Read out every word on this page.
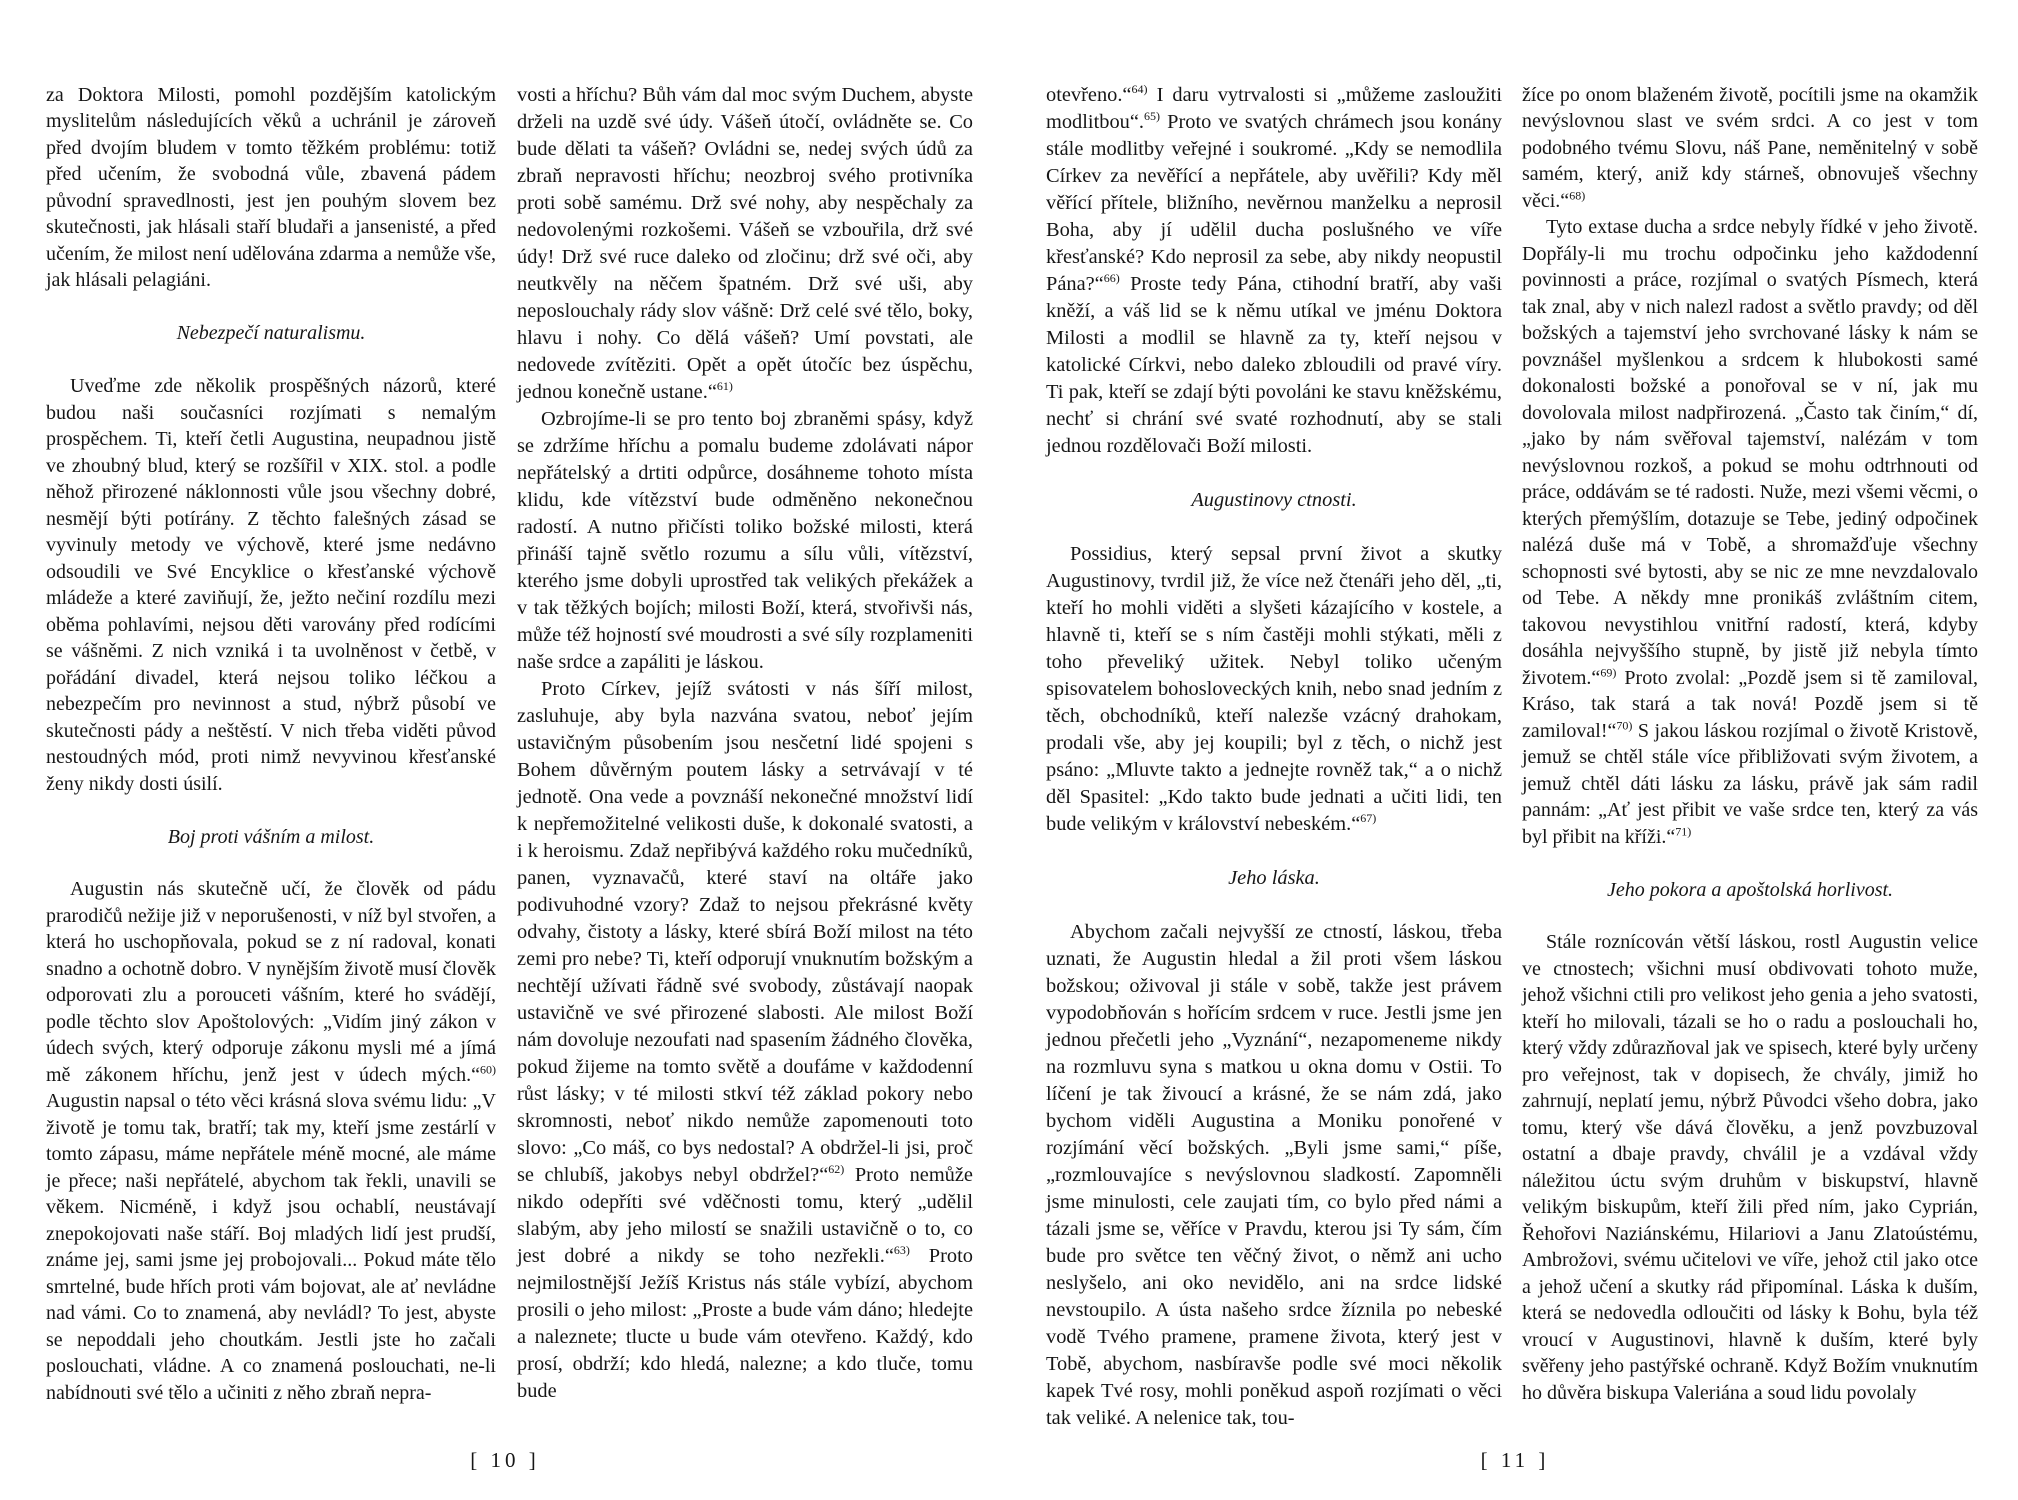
za Doktora Milosti, pomohl pozdějším katolickým myslitelům následujících věků a uchránil je zároveň před dvojím bludem v tomto těžkém problému: totiž před učením, že svobodná vůle, zbavená pádem původní spravedlnosti, jest jen pouhým slovem bez skutečnosti, jak hlásali staří bludaři a jansenisté, a před učením, že milost není udělována zdarma a nemůže vše, jak hlásali pelagiáni.

Nebezpečí naturalismu.

Uveďme zde několik prospěšných názorů, které budou naši současníci rozjímati s nemalým prospěchem. Ti, kteří četli Augustina, neupadnou jistě ve zhoubný blud, který se rozšířil v XIX. stol. a podle něhož přirozené náklonnosti vůle jsou všechny dobré, nesmějí býti potírány. Z těchto falešných zásad se vyvinuly metody ve výchově, které jsme nedávno odsoudili ve Své Encyklice o křesťanské výchově mládeže a které zaviňují, že, ježto nečiní rozdílu mezi oběma pohlavími, nejsou děti varovány před rodícími se vášněmi. Z nich vzniká i ta uvolněnost v četbě, v pořádání divadel, která nejsou toliko léčkou a nebezpečím pro nevinnost a stud, nýbrž působí ve skutečnosti pády a neštěstí. V nich třeba viděti původ nestoudných mód, proti nimž nevyvinou křesťanské ženy nikdy dosti úsilí.

Boj proti vášním a milost.

Augustin nás skutečně učí, že člověk od pádu prarodičů nežije již v neporušenosti, v níž byl stvořen, a která ho uschopňovala, pokud se z ní radoval, konati snadno a ochotně dobro. V nynějším životě musí člověk odporovati zlu a porouceti vášním, které ho svádějí, podle těchto slov Apoštolových: „Vidím jiný zákon v údech svých, který odporuje zákonu mysli mé a jímá mě zákonem hříchu, jenž jest v údech mých.“$^{60)}$ Augustin napsal o této věci krásná slova svému lidu: „V životě je tomu tak, bratří; tak my, kteří jsme zestárlí v tomto zápasu, máme nepřátele méně mocné, ale máme je přece; naši nepřátelé, abychom tak řekli, unavili se věkem. Nicméně, i když jsou ochablí, neustávají znepokojovati naše stáří. Boj mladých lidí jest prudší, známe jej, sami jsme jej probojovali... Pokud máte tělo smrtelné, bude hřích proti vám bojovat, ale ať nevládne nad vámi. Co to znamená, aby nevládl? To jest, abyste se nepoddali jeho choutkám. Jestli jste ho začali poslouchati, vládne. A co znamená poslouchati, ne-li nabídnouti své tělo a učiniti z něho zbraň nepra-

vosti a hříchu? Bůh vám dal moc svým Duchem, abyste drželi na uzdě své údy. Vášeň útočí, ovládněte se. Co bude dělati ta vášeň? Ovládni se, nedej svých údů za zbraň nepravosti hříchu; neozbroj svého protivníka proti sobě samému. Drž své nohy, aby nespěchaly za nedovolenými rozkošemi. Vášeň se vzbouřila, drž své údy! Drž své ruce daleko od zločinu; drž své oči, aby neutkvěly na něčem špatném. Drž své uši, aby neposlouchaly rády slov vášně: Drž celé své tělo, boky, hlavu i nohy. Co dělá vášeň? Umí povstati, ale nedovede zvítěziti. Opět a opět útočíc bez úspěchu, jednou konečně ustane.“$^{61)}$

Ozbrojíme-li se pro tento boj zbraněmi spásy, když se zdržíme hříchu a pomalu budeme zdolávati nápor nepřátelský a drtiti odpůrce, dosáhneme tohoto místa klidu, kde vítězství bude odměněno nekonečnou radostí. A nutno přičísti toliko božské milosti, která přináší tajně světlo rozumu a sílu vůli, vítězství, kterého jsme dobyli uprostřed tak velikých překážek a v tak těžkých bojích; milosti Boží, která, stvořivši nás, může též hojností své moudrosti a své síly rozplameniti naše srdce a zapáliti je láskou.

Proto Církev, jejíž svátosti v nás šíří milost, zasluhuje, aby byla nazvána svatou, neboť jejím ustavičným působením jsou nesčetní lidé spojeni s Bohem důvěrným poutem lásky a setrvávají v té jednotě. Ona vede a povznáší nekonečné množství lidí k nepřemožitelné velikosti duše, k dokonalé svatosti, a i k heroismu. Zdaž nepřibývá každého roku mučedníků, panen, vyznavačů, které staví na oltáře jako podivuhodné vzory? Zdaž to nejsou překrásné květy odvahy, čistoty a lásky, které sbírá Boží milost na této zemi pro nebe? Ti, kteří odporují vnuknutím božským a nechtějí užívati řádně své svobody, zůstávají naopak ustavičně ve své přirozené slabosti. Ale milost Boží nám dovoluje nezoufati nad spasením žádného člověka, pokud žijeme na tomto světě a doufáme v každodenní růst lásky; v té milosti stkví též základ pokory nebo skromnosti, neboť nikdo nemůže zapomenouti toto slovo: „Co máš, co bys nedostal? A obdržel-li jsi, proč se chlubíš, jakobys nebyl obdržel?“$^{62)}$ Proto nemůže nikdo odepříti své vděčnosti tomu, který „udělil slabým, aby jeho milostí se snažili ustavičně o to, co jest dobré a nikdy se toho nezřekli.“$^{63)}$ Proto nejmilostnější Ježíš Kristus nás stále vybízí, abychom prosili o jeho milost: „Proste a bude vám dáno; hledejte a naleznete; tlucte u bude vám otevřeno. Každý, kdo prosí, obdrží; kdo hledá, nalezne; a kdo tluče, tomu bude

[ 10 ]

otevřeno.“$^{64)}$ I daru vytrvalosti si „můžeme zasloužiti modlitbou“.$^{65)}$ Proto ve svatých chrámech jsou konány stále modlitby veřejné i soukromé. „Kdy se nemodlila Církev za nevěřící a nepřátele, aby uvěřili? Kdy měl věřící přítele, bližního, nevěrnou manželku a neprosil Boha, aby jí udělil ducha poslušného ve víře křesťanské? Kdo neprosil za sebe, aby nikdy neopustil Pána?“$^{66)}$ Proste tedy Pána, ctihodní bratří, aby vaši kněží, a váš lid se k němu utíkal ve jménu Doktora Milosti a modlil se hlavně za ty, kteří nejsou v katolické Církvi, nebo daleko zbloudili od pravé víry. Ti pak, kteří se zdají býti povoláni ke stavu kněžskému, nechť si chrání své svaté rozhodnutí, aby se stali jednou rozdělovači Boží milosti.

Augustinovy ctnosti.

Possidius, který sepsal první život a skutky Augustinovy, tvrdil již, že více než čtenáři jeho děl, „ti, kteří ho mohli viděti a slyšeti kázajícího v kostele, a hlavně ti, kteří se s ním častěji mohli stýkati, měli z toho převeliký užitek. Nebyl toliko učeným spisovatelem bohosloveckých knih, nebo snad jedním z těch, obchodníků, kteří nalezše vzácný drahokam, prodali vše, aby jej koupili; byl z těch, o nichž jest psáno: „Mluvte takto a jednejte rovněž tak,“ a o nichž děl Spasitel: „Kdo takto bude jednati a učiti lidi, ten bude velikým v království nebeském.“$^{67)}$

Jeho láska.

Abychom začali nejvyšší ze ctností, láskou, třeba uznati, že Augustin hledal a žil proti všem láskou božskou; oživoval ji stále v sobě, takže jest právem vypodobňován s hořícím srdcem v ruce. Jestli jsme jen jednou přečetli jeho „Vyznání“, nezapomeneme nikdy na rozmluvu syna s matkou u okna domu v Ostii. To líčení je tak živoucí a krásné, že se nám zdá, jako bychom viděli Augustina a Moniku ponořené v rozjímání věcí božských. „Byli jsme sami,“ píše, „rozmlouvajíce s nevýslovnou sladkostí. Zapomněli jsme minulosti, cele zaujati tím, co bylo před námi a tázali jsme se, věříce v Pravdu, kterou jsi Ty sám, čím bude pro světce ten věčný život, o němž ani ucho neslyšelo, ani oko nevidělo, ani na srdce lidské nevstoupilo. A ústa našeho srdce žíznila po nebeské vodě Tvého pramene, pramene života, který jest v Tobě, abychom, nasbíravše podle své moci několik kapek Tvé rosy, mohli poněkud aspoň rozjímati o věci tak veliké. A nelenice tak, tou-

žíce po onom blaženém životě, pocítili jsme na okamžik nevýslovnou slast ve svém srdci. A co jest v tom podobného tvému Slovu, náš Pane, neměnitelný v sobě samém, který, aniž kdy stárneš, obnovuješ všechny věci.“$^{68)}$

Tyto extase ducha a srdce nebyly řídké v jeho životě. Dopřály-li mu trochu odpočinku jeho každodenní povinnosti a práce, rozjímal o svatých Písmech, která tak znal, aby v nich nalezl radost a světlo pravdy; od děl božských a tajemství jeho svrchované lásky k nám se povznášel myšlenkou a srdcem k hlubokosti samé dokonalosti božské a ponořoval se v ní, jak mu dovolovala milost nadpřirozená. „Často tak činím,“ dí, „jako by nám svěřoval tajemství, nalézám v tom nevýslovnou rozkoš, a pokud se mohu odtrhnouti od práce, oddávám se té radosti. Nuže, mezi všemi věcmi, o kterých přemýšlím, dotazuje se Tebe, jediný odpočinek nalézá duše má v Tobě, a shromažďuje všechny schopnosti své bytosti, aby se nic ze mne nevzdalovalo od Tebe. A někdy mne pronikáš zvláštním citem, takovou nevystihlou vnitřní radostí, která, kdyby dosáhla nejvyššího stupně, by jistě již nebyla tímto životem.“$^{69)}$ Proto zvolal: „Pozdě jsem si tě zamiloval, Kráso, tak stará a tak nová! Pozdě jsem si tě zamiloval!“$^{70)}$ S jakou láskou rozjímal o životě Kristově, jemuž se chtěl stále více přibližovati svým životem, a jemuž chtěl dáti lásku za lásku, právě jak sám radil pannám: „Ať jest přibit ve vaše srdce ten, který za vás byl přibit na kříži.“$^{71)}$

Jeho pokora a apoštolská horlivost.

Stále roznícován větší láskou, rostl Augustin velice ve ctnostech; všichni musí obdivovati tohoto muže, jehož všichni ctili pro velikost jeho genia a jeho svatosti, kteří ho milovali, tázali se ho o radu a poslouchali ho, který vždy zdůrazňoval jak ve spisech, které byly určeny pro veřejnost, tak v dopisech, že chvály, jimiž ho zahrnují, neplatí jemu, nýbrž Původci všeho dobra, jako tomu, který vše dává člověku, a jenž povzbuzoval ostatní a dbaje pravdy, chválil je a vzdával vždy náležitou úctu svým druhům v biskupství, hlavně velikým biskupům, kteří žili před ním, jako Cyprián, Řehořovi Naziánskému, Hilariovi a Janu Zlatoústému, Ambrožovi, svému učitelovi ve víře, jehož ctil jako otce a jehož učení a skutky rád připomínal. Láska k duším, která se nedovedla odloučiti od lásky k Bohu, byla též vroucí v Augustinovi, hlavně k duším, které byly svěřeny jeho pastýřské ochraně. Když Božím vnuknutím ho důvěra biskupa Valeriána a soud lidu povolaly

[ 11 ]
